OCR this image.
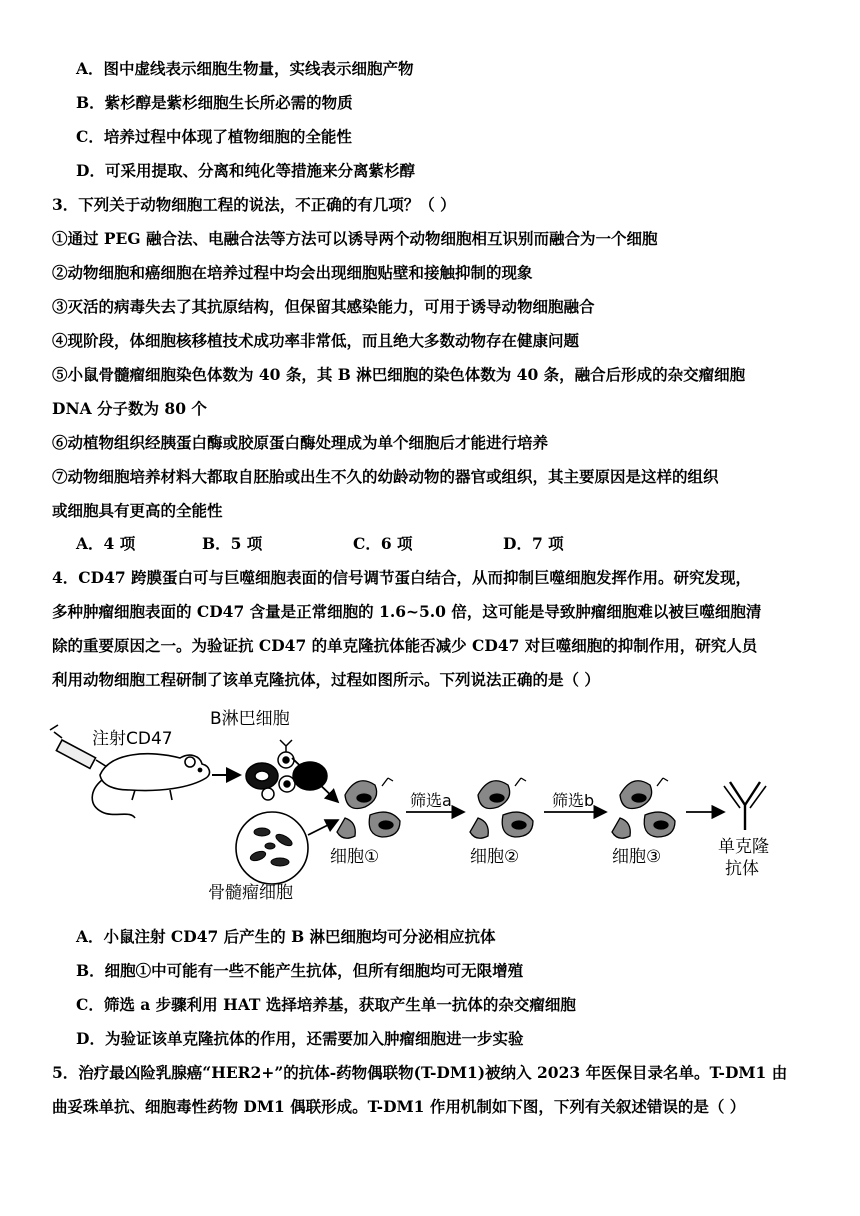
A．图中虚线表示细胞生物量，实线表示细胞产物
B．紫杉醇是紫杉细胞生长所必需的物质
C．培养过程中体现了植物细胞的全能性
D．可采用提取、分离和纯化等措施来分离紫杉醇
3．下列关于动物细胞工程的说法，不正确的有几项？（ ）
①通过 PEG 融合法、电融合法等方法可以诱导两个动物细胞相互识别而融合为一个细胞
②动物细胞和癌细胞在培养过程中均会出现细胞贴壁和接触抑制的现象
③灭活的病毒失去了其抗原结构，但保留其感染能力，可用于诱导动物细胞融合
④现阶段，体细胞核移植技术成功率非常低，而且绝大多数动物存在健康问题
⑤小鼠骨髓瘤细胞染色体数为 40 条，其 B 淋巴细胞的染色体数为 40 条，融合后形成的杂交瘤细胞
DNA 分子数为 80 个
⑥动植物组织经胰蛋白酶或胶原蛋白酶处理成为单个细胞后才能进行培养
⑦动物细胞培养材料大都取自胚胎或出生不久的幼龄动物的器官或组织，其主要原因是这样的组织
或细胞具有更高的全能性
A．4 项	B．5 项	C．6 项	D．7 项
4．CD47 跨膜蛋白可与巨噬细胞表面的信号调节蛋白结合，从而抑制巨噬细胞发挥作用。研究发现，
多种肿瘤细胞表面的 CD47 含量是正常细胞的 1.6~5.0 倍，这可能是导致肿瘤细胞难以被巨噬细胞清
除的重要原因之一。为验证抗 CD47 的单克隆抗体能否减少 CD47 对巨噬细胞的抑制作用，研究人员
利用动物细胞工程研制了该单克隆抗体，过程如图所示。下列说法正确的是（ ）
注射CD47
B淋巴细胞
骨髓瘤细胞
细胞①
筛选a
细胞②
筛选b
细胞③	单克隆
抗体
A．小鼠注射 CD47 后产生的 B 淋巴细胞均可分泌相应抗体
B．细胞①中可能有一些不能产生抗体，但所有细胞均可无限增殖
C．筛选 a 步骤利用 HAT 选择培养基，获取产生单一抗体的杂交瘤细胞
D．为验证该单克隆抗体的作用，还需要加入肿瘤细胞进一步实验
5．治疗最凶险乳腺癌“HER2+”的抗体-药物偶联物(T-DM1)被纳入 2023 年医保目录名单。T-DM1 由
曲妥珠单抗、细胞毒性药物 DM1 偶联形成。T-DM1 作用机制如下图，下列有关叙述错误的是（ ）
